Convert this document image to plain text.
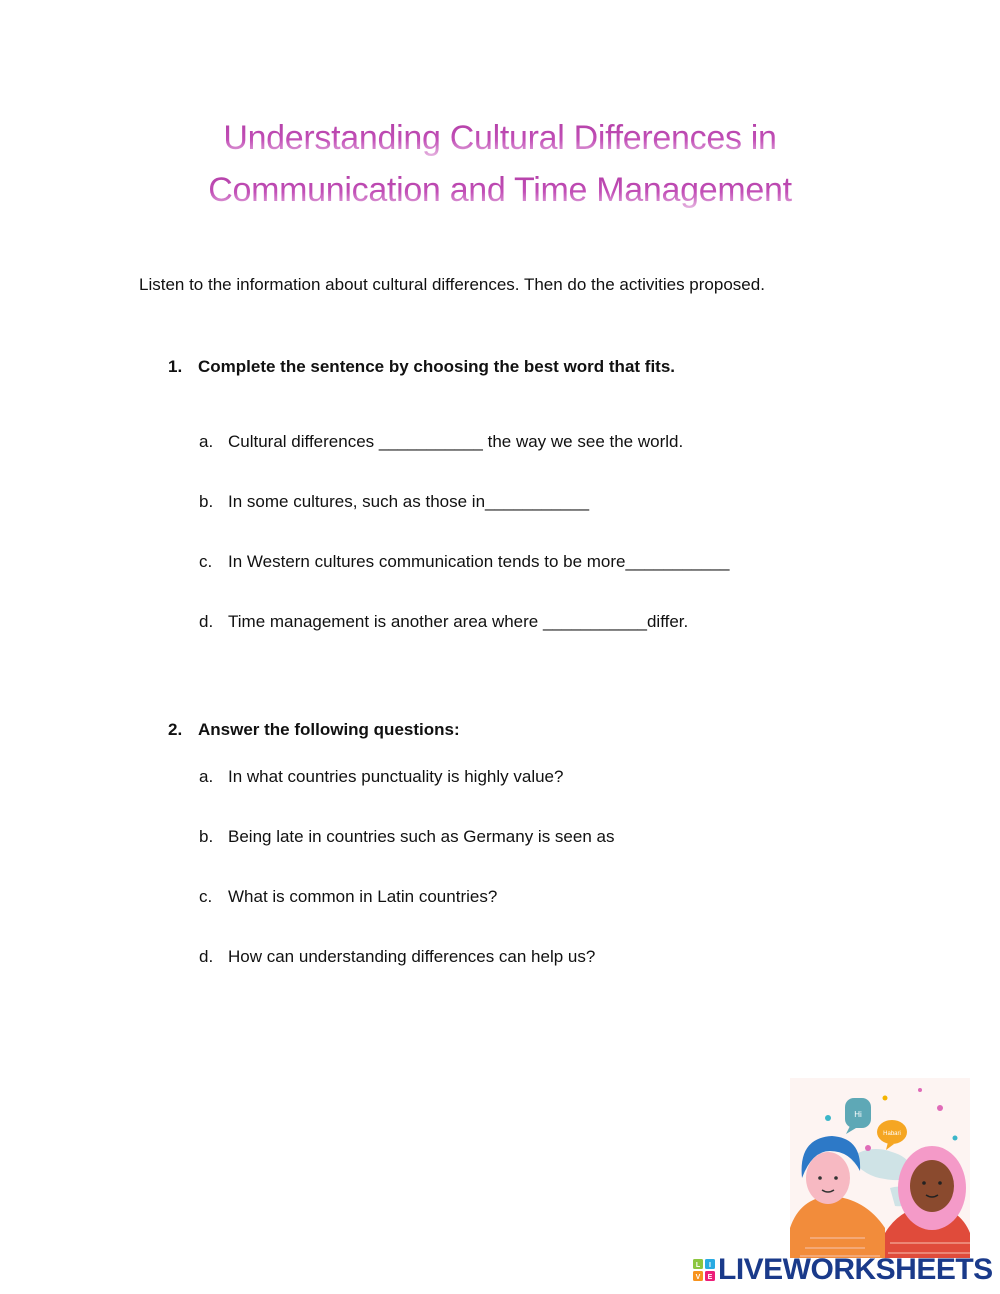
Understanding Cultural Differences in
Communication and Time Management
Listen to the information about cultural differences. Then do the activities proposed.
1. Complete the sentence by choosing the best word that fits.
a. Cultural differences ___________ the way we see the world.
b. In some cultures, such as those in___________
c. In Western cultures communication tends to be more___________
d. Time management is another area where ___________differ.
2. Answer the following questions:
a. In what countries punctuality is highly value?
b. Being late in countries such as Germany is seen as
c. What is common in Latin countries?
d. How can understanding differences can help us?
Hi
Habari
L I
V E LIVEWORKSHEETS
